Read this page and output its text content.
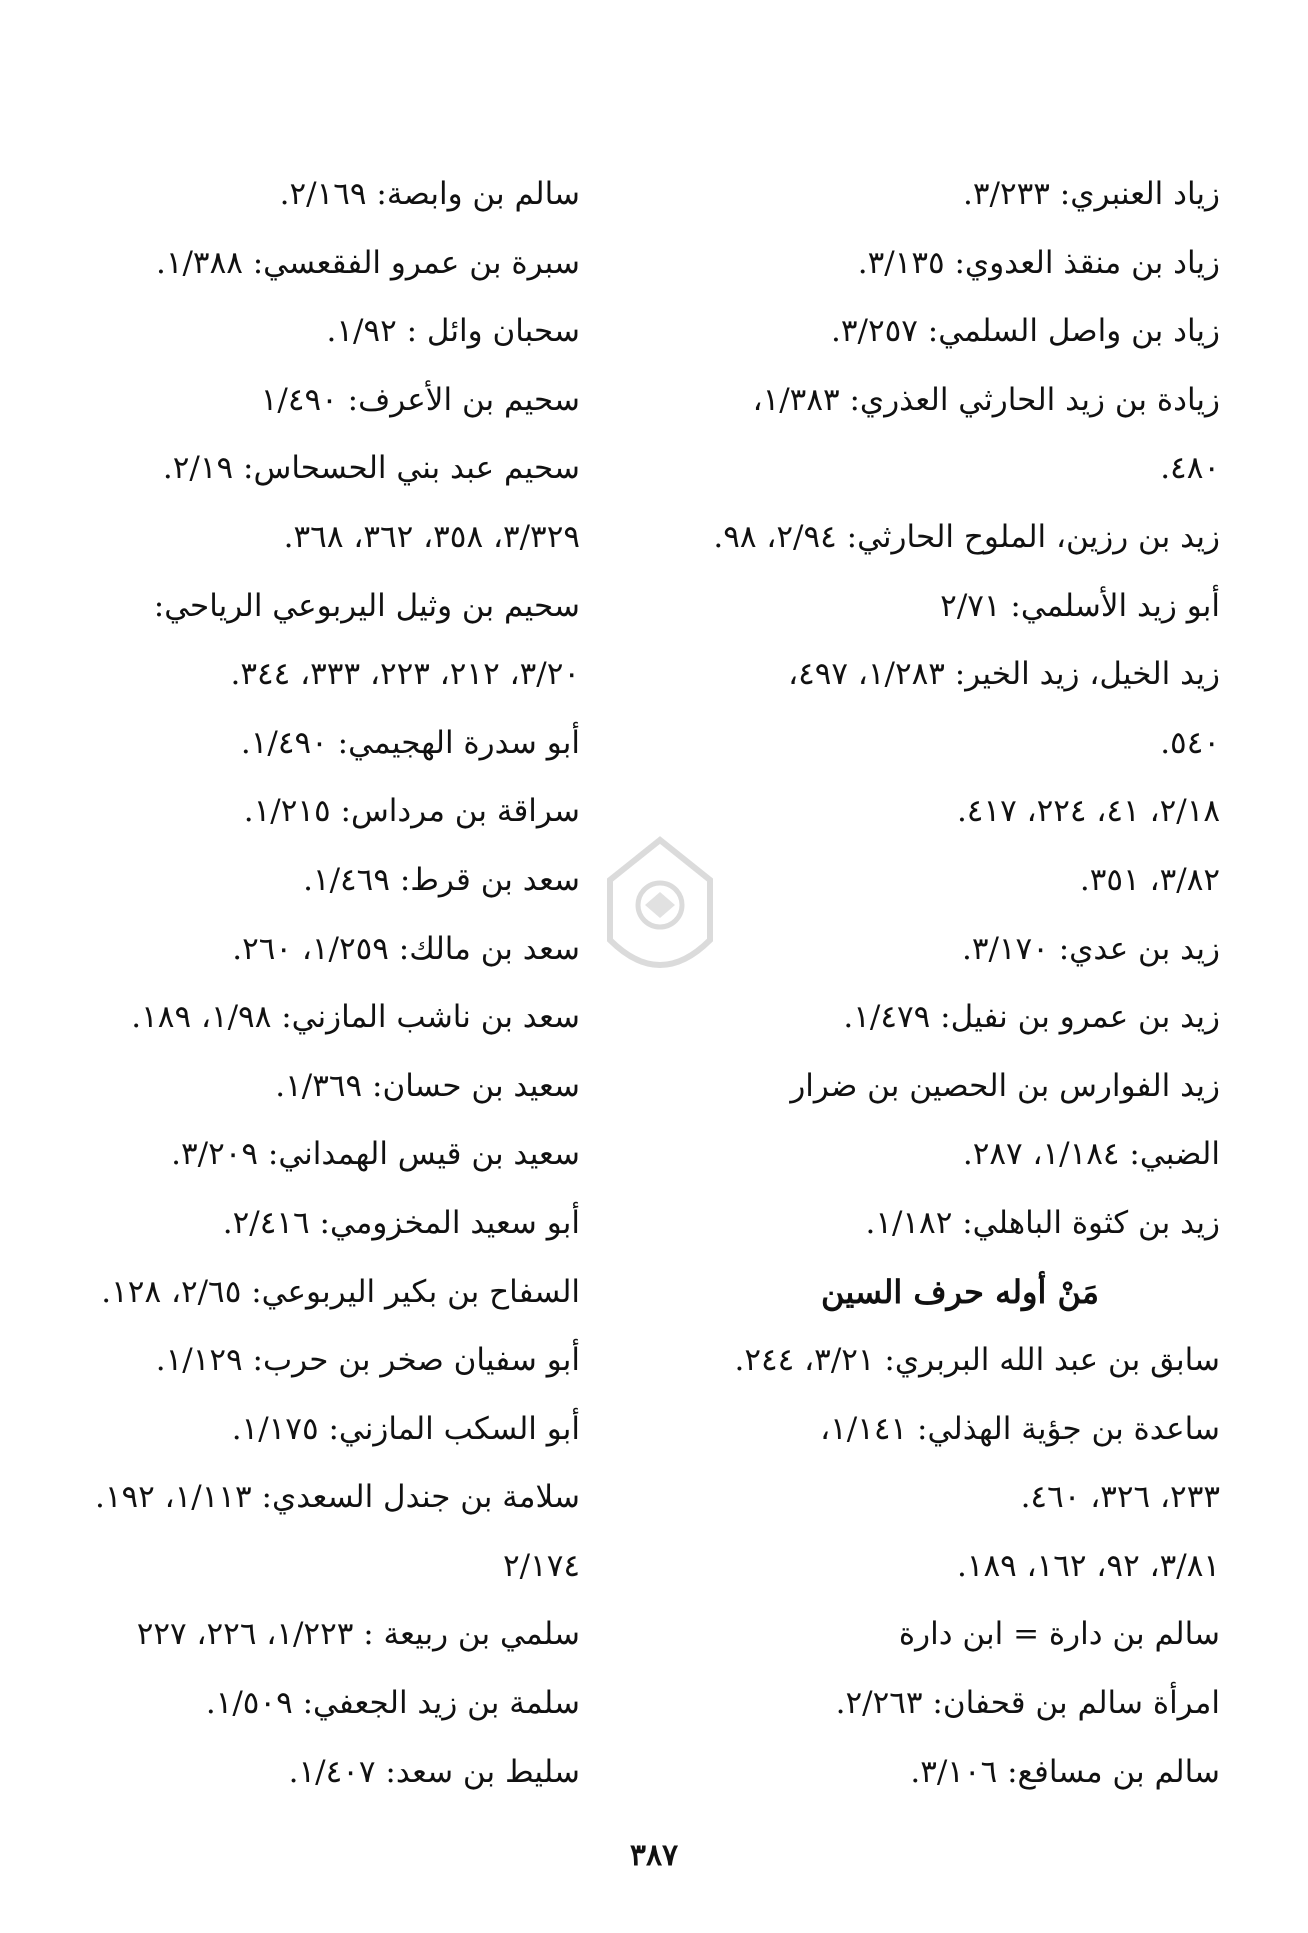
زياد العنبري: ٣/٢٣٣.
زياد بن منقذ العدوي: ٣/١٣٥.
زياد بن واصل السلمي: ٣/٢٥٧.
زيادة بن زيد الحارثي العذري: ١/٣٨٣،
٤٨٠.
زيد بن رزين، الملوح الحارثي: ٢/٩٤، ٩٨.
أبو زيد الأسلمي: ٢/٧١
زيد الخيل، زيد الخير: ١/٢٨٣، ٤٩٧،
٥٤٠.
٢/١٨، ٤١، ٢٢٤، ٤١٧.
٣/٨٢، ٣٥١.
زيد بن عدي: ٣/١٧٠.
زيد بن عمرو بن نفيل: ١/٤٧٩.
زيد الفوارس بن الحصين بن ضرار
الضبي: ١/١٨٤، ٢٨٧.
زيد بن كثوة الباهلي: ١/١٨٢.
مَنْ أوله حرف السين
سابق بن عبد الله البربري: ٣/٢١، ٢٤٤.
ساعدة بن جؤية الهذلي: ١/١٤١،
٢٣٣، ٣٢٦، ٤٦٠.
٣/٨١، ٩٢، ١٦٢، ١٨٩.
سالم بن دارة = ابن دارة
امرأة سالم بن قحفان: ٢/٢٦٣.
سالم بن مسافع: ٣/١٠٦.
سالم بن وابصة: ٢/١٦٩.
سبرة بن عمرو الفقعسي: ١/٣٨٨.
سحبان وائل : ١/٩٢.
سحيم بن الأعرف: ١/٤٩٠
سحيم عبد بني الحسحاس: ٢/١٩.
٣/٣٢٩، ٣٥٨، ٣٦٢، ٣٦٨.
سحيم بن وثيل اليربوعي الرياحي:
٣/٢٠، ٢١٢، ٢٢٣، ٣٣٣، ٣٤٤.
أبو سدرة الهجيمي: ١/٤٩٠.
سراقة بن مرداس: ١/٢١٥.
سعد بن قرط: ١/٤٦٩.
سعد بن مالك: ١/٢٥٩، ٢٦٠.
سعد بن ناشب المازني: ١/٩٨، ١٨٩.
سعيد بن حسان: ١/٣٦٩.
سعيد بن قيس الهمداني: ٣/٢٠٩.
أبو سعيد المخزومي: ٢/٤١٦.
السفاح بن بكير اليربوعي: ٢/٦٥، ١٢٨.
أبو سفيان صخر بن حرب: ١/١٢٩.
أبو السكب المازني: ١/١٧٥.
سلامة بن جندل السعدي: ١/١١٣، ١٩٢.
٢/١٧٤
سلمي بن ربيعة : ١/٢٢٣، ٢٢٦، ٢٢٧
سلمة بن زيد الجعفي: ١/٥٠٩.
سليط بن سعد: ١/٤٠٧.
٣٨٧
